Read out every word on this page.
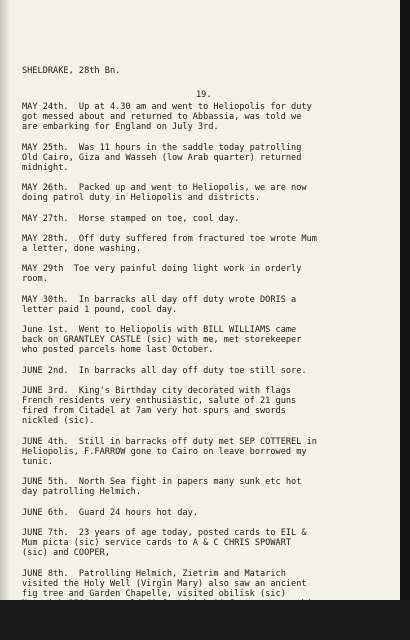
SHELDRAKE, 28th Bn.
19.
MAY 24th.  Up at 4.30 am and went to Heliopolis for duty
got messed about and returned to Abbassia, was told we
are embarking for England on July 3rd.
MAY 25th.  Was 11 hours in the saddle today patrolling
Old Cairo, Giza and Wasseh (low Arab quarter) returned
midnight.
MAY 26th.  Packed up and went to Heliopolis, we are now
doing patrol duty in Heliopolis and districts.
MAY 27th.  Horse stamped on toe, cool day.
MAY 28th.  Off duty suffered from fractured toe wrote Mum
a letter, done washing.
MAY 29th  Toe very painful doing light work in orderly
room.
MAY 30th.  In barracks all day off duty wrote DORIS a
letter paid 1 pound, cool day.
June 1st.  Went to Heliopolis with BILL WILLIAMS came
back on GRANTLEY CASTLE (sic) with me, met storekeeper
who posted parcels home last October.
JUNE 2nd.  In barracks all day off duty toe still sore.
JUNE 3rd.  King's Birthday city decorated with flags
French residents very enthusiastic, salute of 21 guns
fired from Citadel at 7am very hot spurs and swords
nickled (sic).
JUNE 4th.  Still in barracks off duty met SEP COTTEREL in
Heliopolis, F.FARROW gone to Cairo on leave borrowed my
tunic.
JUNE 5th.  North Sea fight in papers many sunk etc hot
day patrolling Helmich.
JUNE 6th.  Guard 24 hours hot day.
JUNE 7th.  23 years of age today, posted cards to EIL &
Mum picta (sic) service cards to A & C CHRIS SPOWART
(sic) and COOPER,
JUNE 8th.  Patrolling Helmich, Zietrim and Matarich
visited the Holy Well (Virgin Mary) also saw an ancient
fig tree and Garden Chapelle, visited obilisk (sic)
Matarich 2500 years old 60 feet high 16 feet square, this
is one solid piece of granite and it's marvellous how it
was tilted up into position.
